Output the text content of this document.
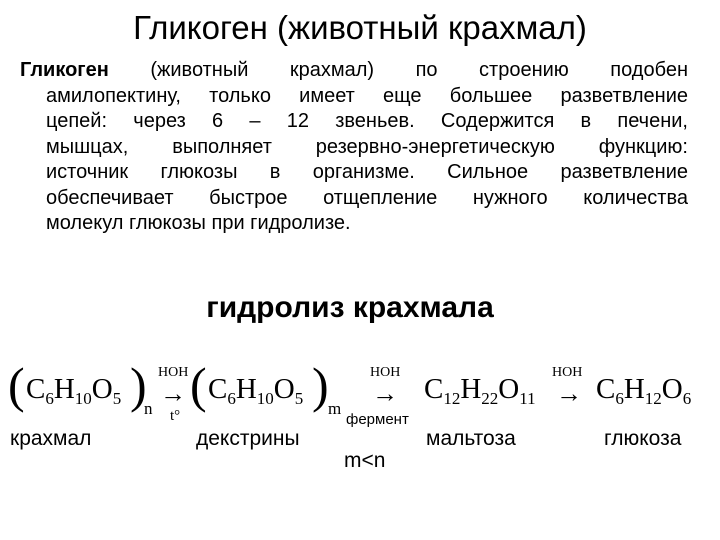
Гликоген (животный крахмал)
Гликоген (животный крахмал) по строению подобен
амилопектину, только имеет еще большее разветвление
цепей: через 6 – 12 звеньев. Содержится в печени,
мышцах, выполняет резервно-энергетическую функцию:
источник глюкозы в организме. Сильное разветвление
обеспечивает быстрое отщепление нужного количества
молекул глюкозы при гидролизе.
гидролиз крахмала
( $C_6H_{10}O_5$ )
n
HOH
→
t°
( $C_6H_{10}O_5$ ) m
HOH
→
фермент
$C_{12}H_{22}O_{11}$
HOH
→ $C_6H_{12}O_6$
крахмал	декстрины	мальтоза	глюкоза
m<n
